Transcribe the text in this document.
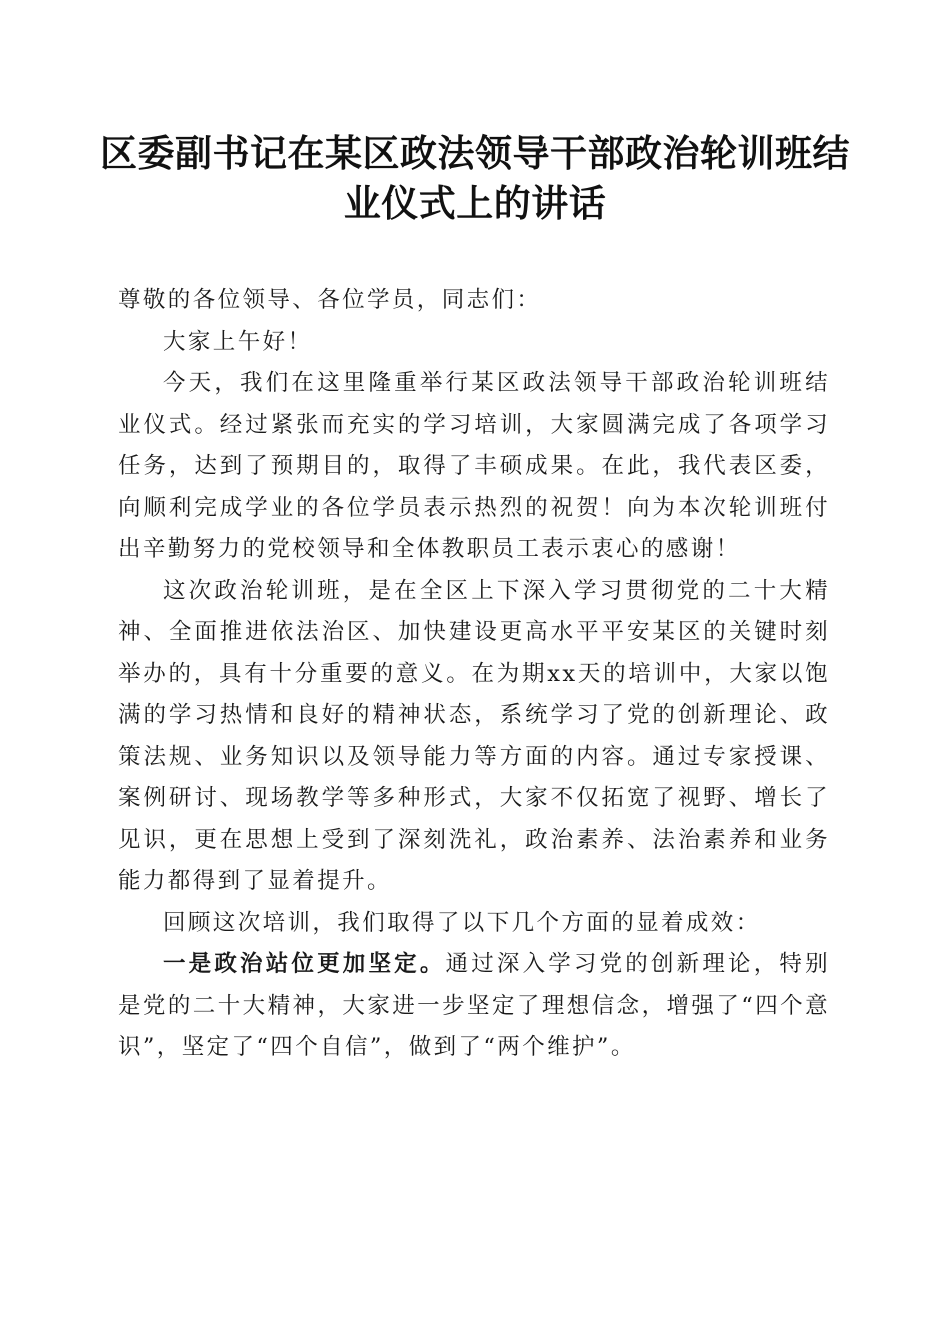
区委副书记在某区政法领导干部政治轮训班结业仪式上的讲话

尊敬的各位领导、各位学员，同志们：

大家上午好！

今天，我们在这里隆重举行某区政法领导干部政治轮训班结业仪式。经过紧张而充实的学习培训，大家圆满完成了各项学习任务，达到了预期目的，取得了丰硕成果。在此，我代表区委，向顺利完成学业的各位学员表示热烈的祝贺！向为本次轮训班付出辛勤努力的党校领导和全体教职员工表示衷心的感谢！

这次政治轮训班，是在全区上下深入学习贯彻党的二十大精神、全面推进依法治区、加快建设更高水平平安某区的关键时刻举办的，具有十分重要的意义。在为期xx天的培训中，大家以饱满的学习热情和良好的精神状态，系统学习了党的创新理论、政策法规、业务知识以及领导能力等方面的内容。通过专家授课、案例研讨、现场教学等多种形式，大家不仅拓宽了视野、增长了见识，更在思想上受到了深刻洗礼，政治素养、法治素养和业务能力都得到了显着提升。

回顾这次培训，我们取得了以下几个方面的显着成效：

一是政治站位更加坚定。通过深入学习党的创新理论，特别是党的二十大精神，大家进一步坚定了理想信念，增强了“四个意识”，坚定了“四个自信”，做到了“两个维护”。
